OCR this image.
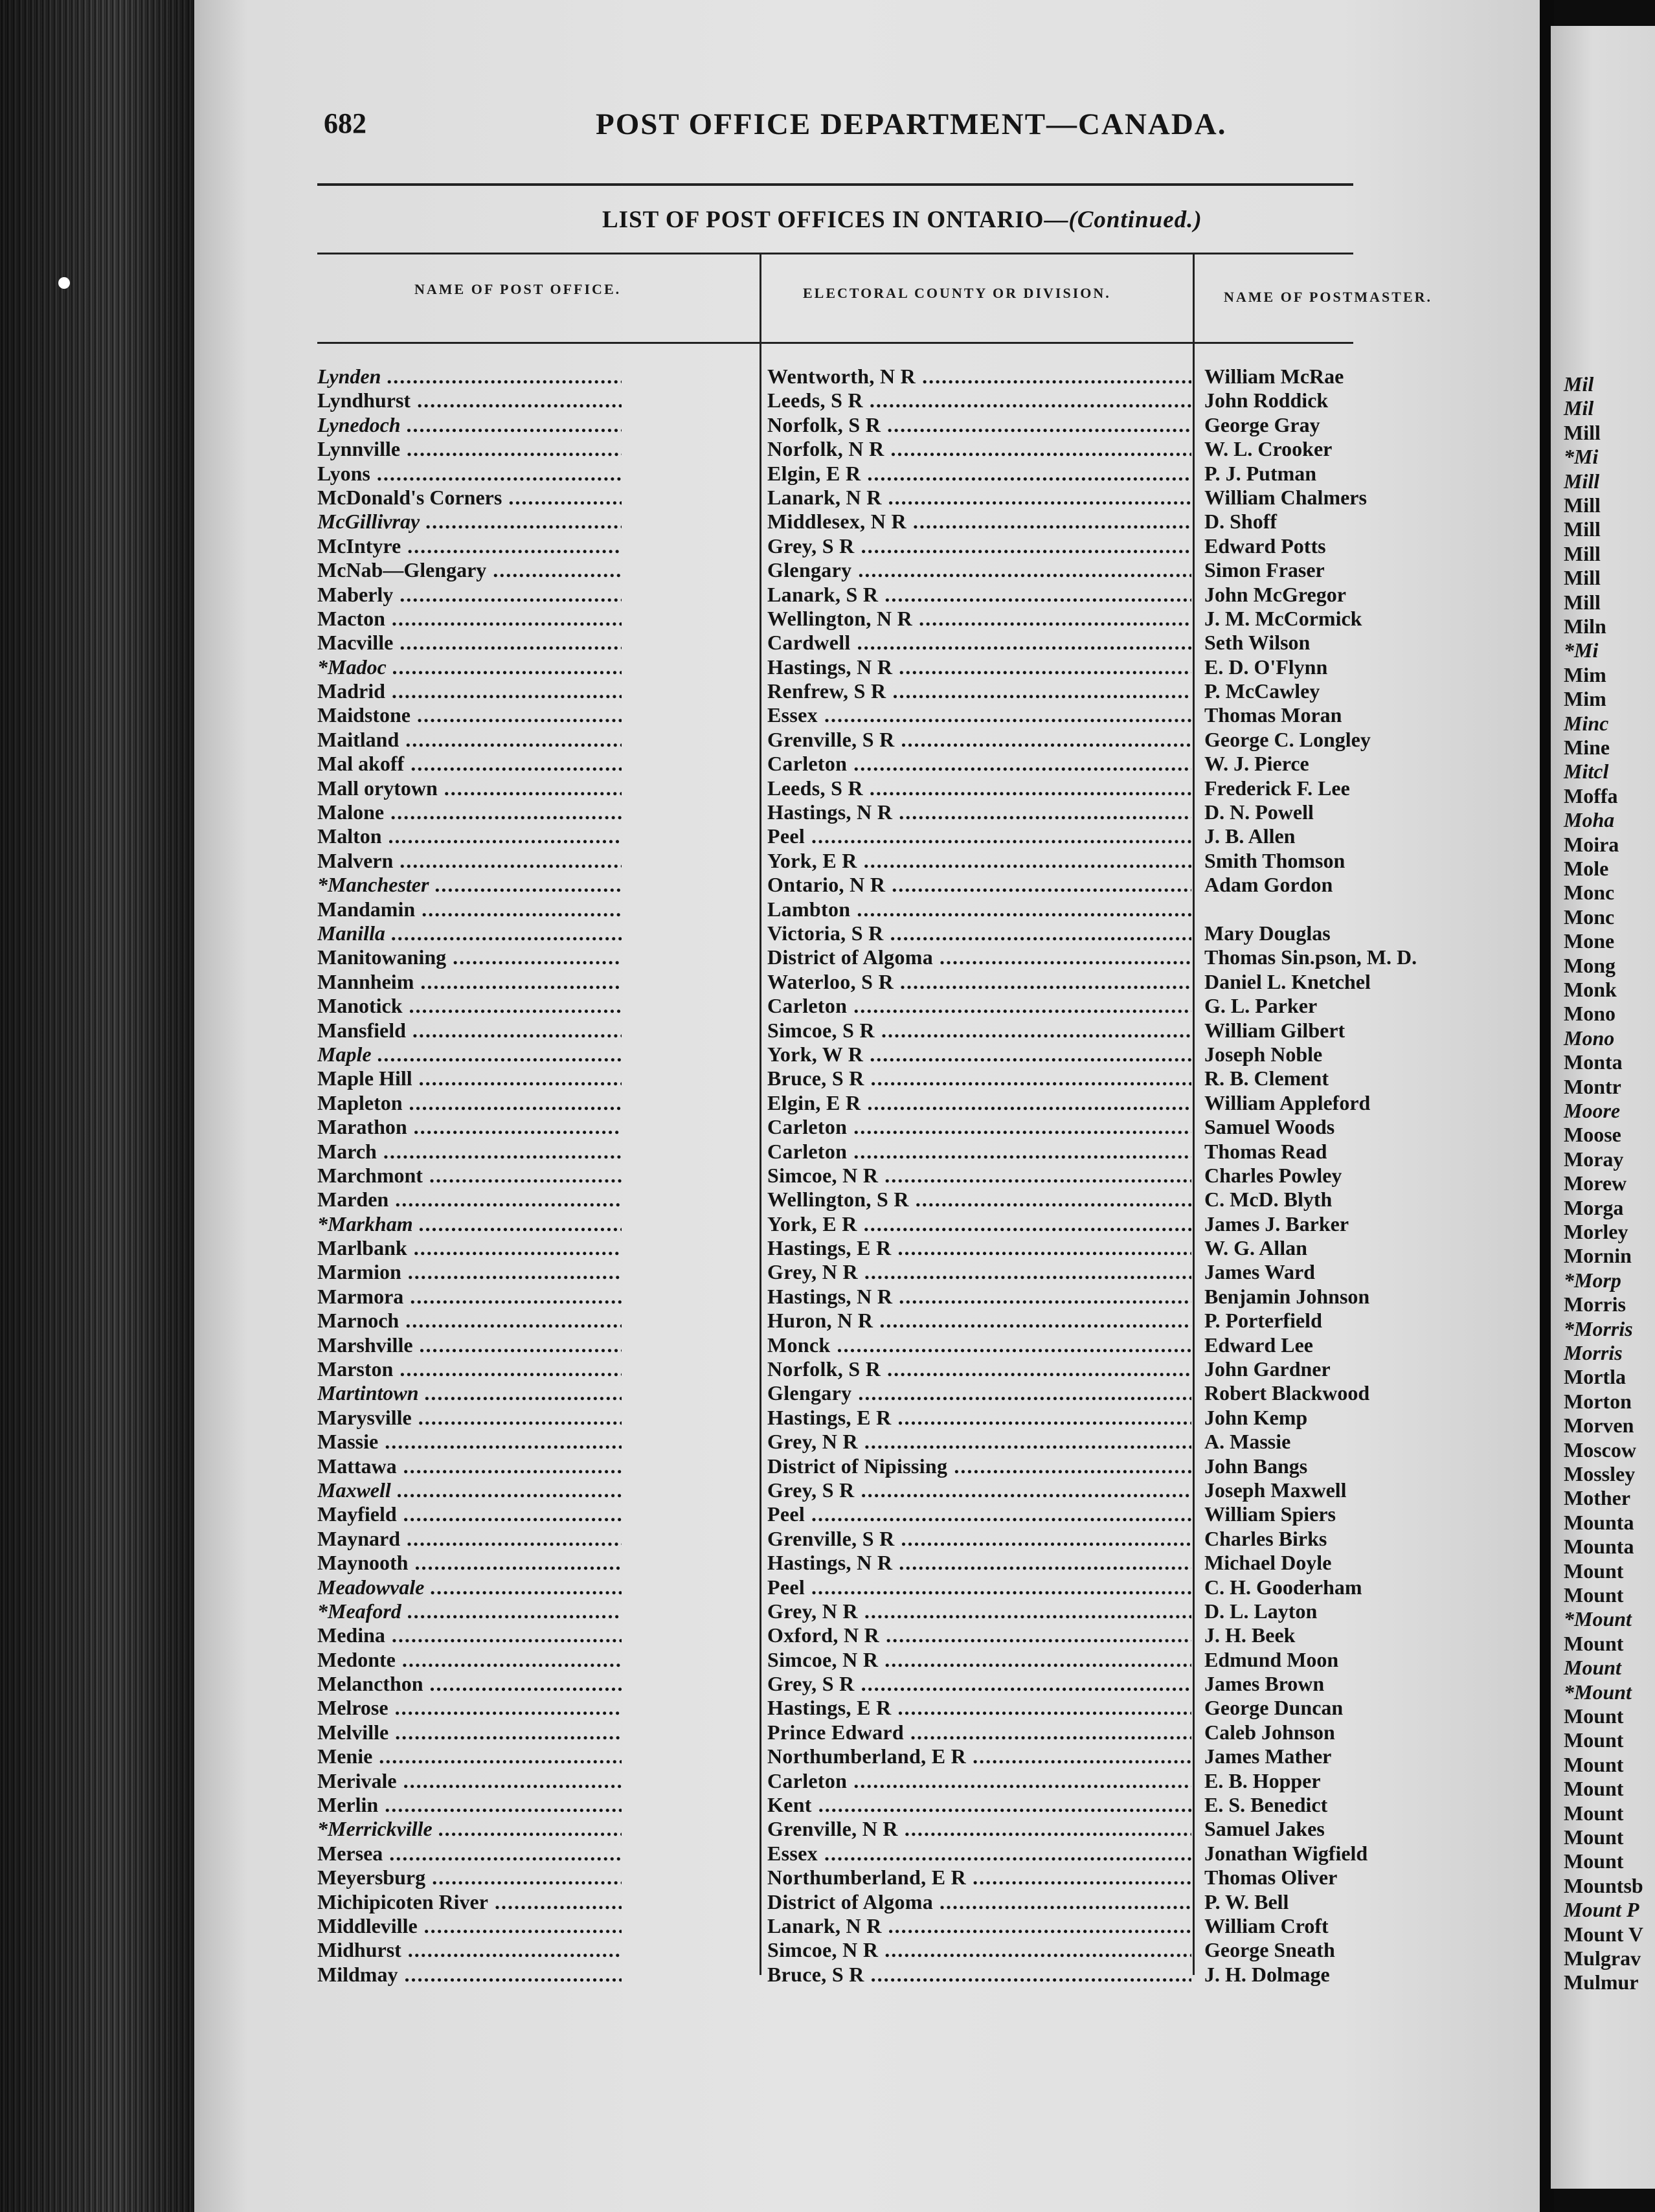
682	POST OFFICE DEPARTMENT—CANADA.
LIST OF POST OFFICES IN ONTARIO—(Continued.)
NAME OF POST OFFICE.	ELECTORAL COUNTY OR DIVISION.	NAME OF POSTMASTER.
Lynden .....	Wentworth, N R .....	William McRae
Lyndhurst .....	Leeds, S R .....	John Roddick
Lynedoch .....	Norfolk, S R .....	George Gray
Lynnville .....	Norfolk, N R .....	W. L. Crooker
Lyons .....	Elgin, E R .....	P. J. Putman
McDonald's Corners .....	Lanark, N R .....	William Chalmers
McGillivray .....	Middlesex, N R .....	D. Shoff
McIntyre .....	Grey, S R .....	Edward Potts
McNab—Glengary .....	Glengary .....	Simon Fraser
Maberly .....	Lanark, S R .....	John McGregor
Macton .....	Wellington, N R .....	J. M. McCormick
Macville .....	Cardwell .....	Seth Wilson
*Madoc .....	Hastings, N R .....	E. D. O'Flynn
Madrid .....	Renfrew, S R .....	P. McCawley
Maidstone .....	Essex .....	Thomas Moran
Maitland .....	Grenville, S R .....	George C. Longley
Mal akoff .....	Carleton .....	W. J. Pierce
Mall orytown .....	Leeds, S R .....	Frederick F. Lee
Malone .....	Hastings, N R .....	D. N. Powell
Malton .....	Peel .....	J. B. Allen
Malvern .....	York, E R .....	Smith Thomson
*Manchester .....	Ontario, N R .....	Adam Gordon
Mandamin .....	Lambton .....
Manilla .....	Victoria, S R .....	Mary Douglas
Manitowaning .....	District of Algoma .....	Thomas Sin.pson, M. D.
Mannheim .....	Waterloo, S R .....	Daniel L. Knetchel
Manotick .....	Carleton .....	G. L. Parker
Mansfield .....	Simcoe, S R .....	William Gilbert
Maple .....	York, W R .....	Joseph Noble
Maple Hill .....	Bruce, S R .....	R. B. Clement
Mapleton .....	Elgin, E R .....	William Appleford
Marathon .....	Carleton .....	Samuel Woods
March .....	Carleton .....	Thomas Read
Marchmont .....	Simcoe, N R .....	Charles Powley
Marden .....	Wellington, S R .....	C. McD. Blyth
*Markham .....	York, E R .....	James J. Barker
Marlbank .....	Hastings, E R .....	W. G. Allan
Marmion .....	Grey, N R .....	James Ward
Marmora .....	Hastings, N R .....	Benjamin Johnson
Marnoch .....	Huron, N R .....	P. Porterfield
Marshville .....	Monck .....	Edward Lee
Marston .....	Norfolk, S R .....	John Gardner
Martintown .....	Glengary .....	Robert Blackwood
Marysville .....	Hastings, E R .....	John Kemp
Massie .....	Grey, N R .....	A. Massie
Mattawa .....	District of Nipissing .....	John Bangs
Maxwell .....	Grey, S R .....	Joseph Maxwell
Mayfield .....	Peel .....	William Spiers
Maynard .....	Grenville, S R .....	Charles Birks
Maynooth .....	Hastings, N R .....	Michael Doyle
Meadowvale .....	Peel .....	C. H. Gooderham
*Meaford .....	Grey, N R .....	D. L. Layton
Medina .....	Oxford, N R .....	J. H. Beek
Medonte .....	Simcoe, N R .....	Edmund Moon
Melancthon .....	Grey, S R .....	James Brown
Melrose .....	Hastings, E R .....	George Duncan
Melville .....	Prince Edward .....	Caleb Johnson
Menie .....	Northumberland, E R .....	James Mather
Merivale .....	Carleton .....	E. B. Hopper
Merlin .....	Kent .....	E. S. Benedict
*Merrickville .....	Grenville, N R .....	Samuel Jakes
Mersea .....	Essex .....	Jonathan Wigfield
Meyersburg .....	Northumberland, E R .....	Thomas Oliver
Michipicoten River .....	District of Algoma .....	P. W. Bell
Middleville .....	Lanark, N R .....	William Croft
Midhurst .....	Simcoe, N R .....	George Sneath
Mildmay .....	Bruce, S R .....	J. H. Dolmage
Mil
Mil
Mill
*Mi
Mill
Mill
Mill
Mill
Mill
Mill
Miln
*Mi
Mim
Mim
Minc
Mine
Mitcl
Moffa
Moha
Moira
Mole
Monc
Monc
Mone
Mong
Monk
Mono
Mono
Monta
Montr
Moore
Moose
Moray
Morew
Morga
Morley
Mornin
*Morp
Morris
*Morris
Morris
Mortla
Morton
Morven
Moscow
Mossley
Mother
Mounta
Mounta
Mount
Mount
*Mount
Mount
Mount
*Mount
Mount
Mount
Mount
Mount
Mount
Mount
Mount
Mountsb
Mount P
Mount V
Mulgrav
Mulmur
